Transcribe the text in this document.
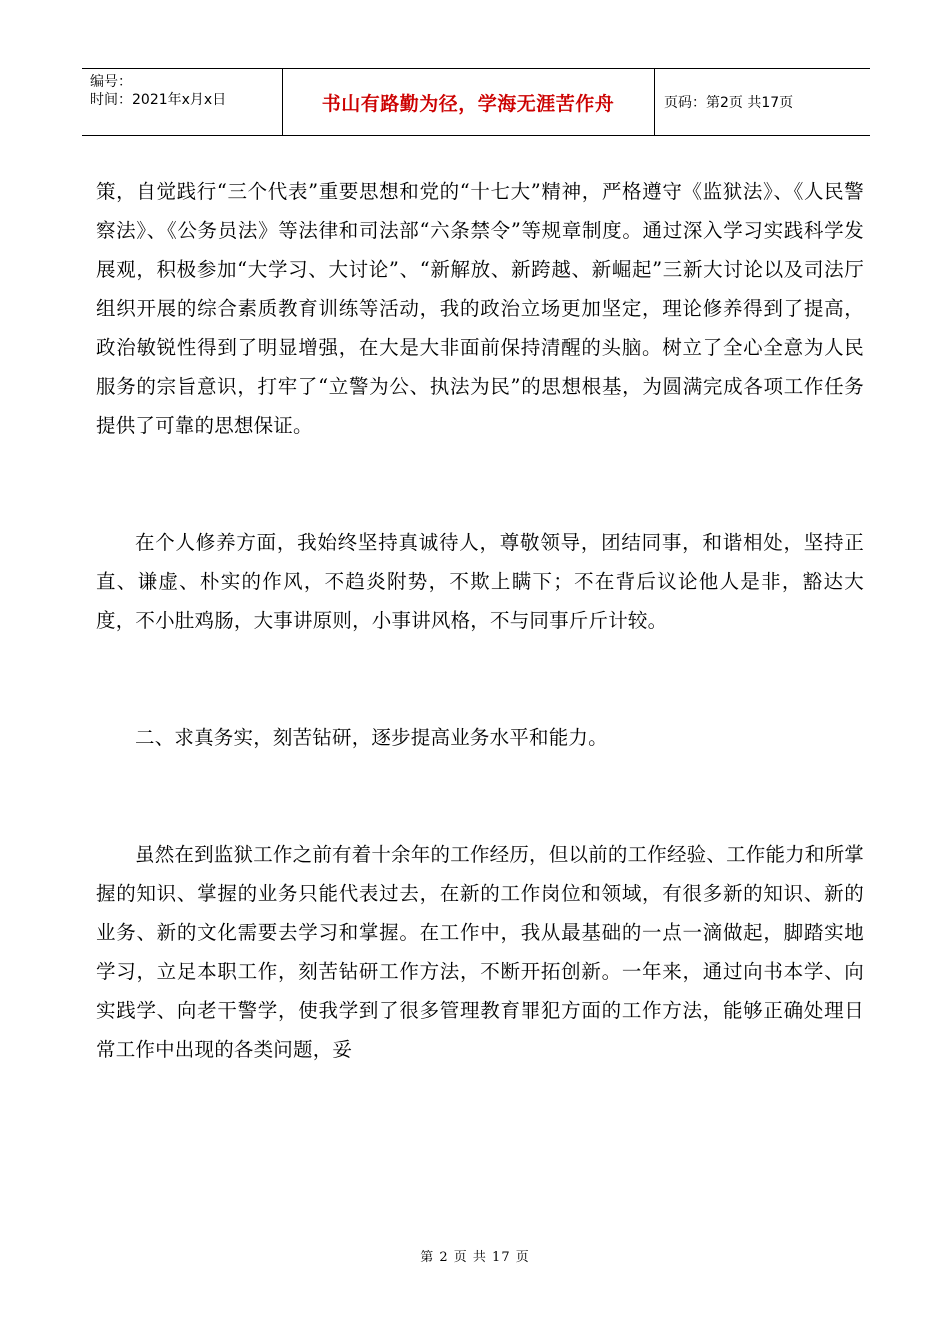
编号：
时间：2021年x月x日	书山有路勤为径，学海无涯苦作舟	页码：第2页 共17页

策，自觉践行“三个代表”重要思想和党的“十七大”精神，严格遵守《监狱法》、《人民警察法》、《公务员法》等法律和司法部“六条禁令”等规章制度。通过深入学习实践科学发展观，积极参加“大学习、大讨论”、“新解放、新跨越、新崛起”三新大讨论以及司法厅组织开展的综合素质教育训练等活动，我的政治立场更加坚定，理论修养得到了提高，政治敏锐性得到了明显增强，在大是大非面前保持清醒的头脑。树立了全心全意为人民服务的宗旨意识，打牢了“立警为公、执法为民”的思想根基，为圆满完成各项工作任务提供了可靠的思想保证。

在个人修养方面，我始终坚持真诚待人，尊敬领导，团结同事，和谐相处，坚持正直、谦虚、朴实的作风，不趋炎附势，不欺上瞒下；不在背后议论他人是非，豁达大度，不小肚鸡肠，大事讲原则，小事讲风格，不与同事斤斤计较。

二、求真务实，刻苦钻研，逐步提高业务水平和能力。

虽然在到监狱工作之前有着十余年的工作经历，但以前的工作经验、工作能力和所掌握的知识、掌握的业务只能代表过去，在新的工作岗位和领域，有很多新的知识、新的业务、新的文化需要去学习和掌握。在工作中，我从最基础的一点一滴做起，脚踏实地学习，立足本职工作，刻苦钻研工作方法，不断开拓创新。一年来，通过向书本学、向实践学、向老干警学，使我学到了很多管理教育罪犯方面的工作方法，能够正确处理日常工作中出现的各类问题，妥

第 2 页 共 17 页
